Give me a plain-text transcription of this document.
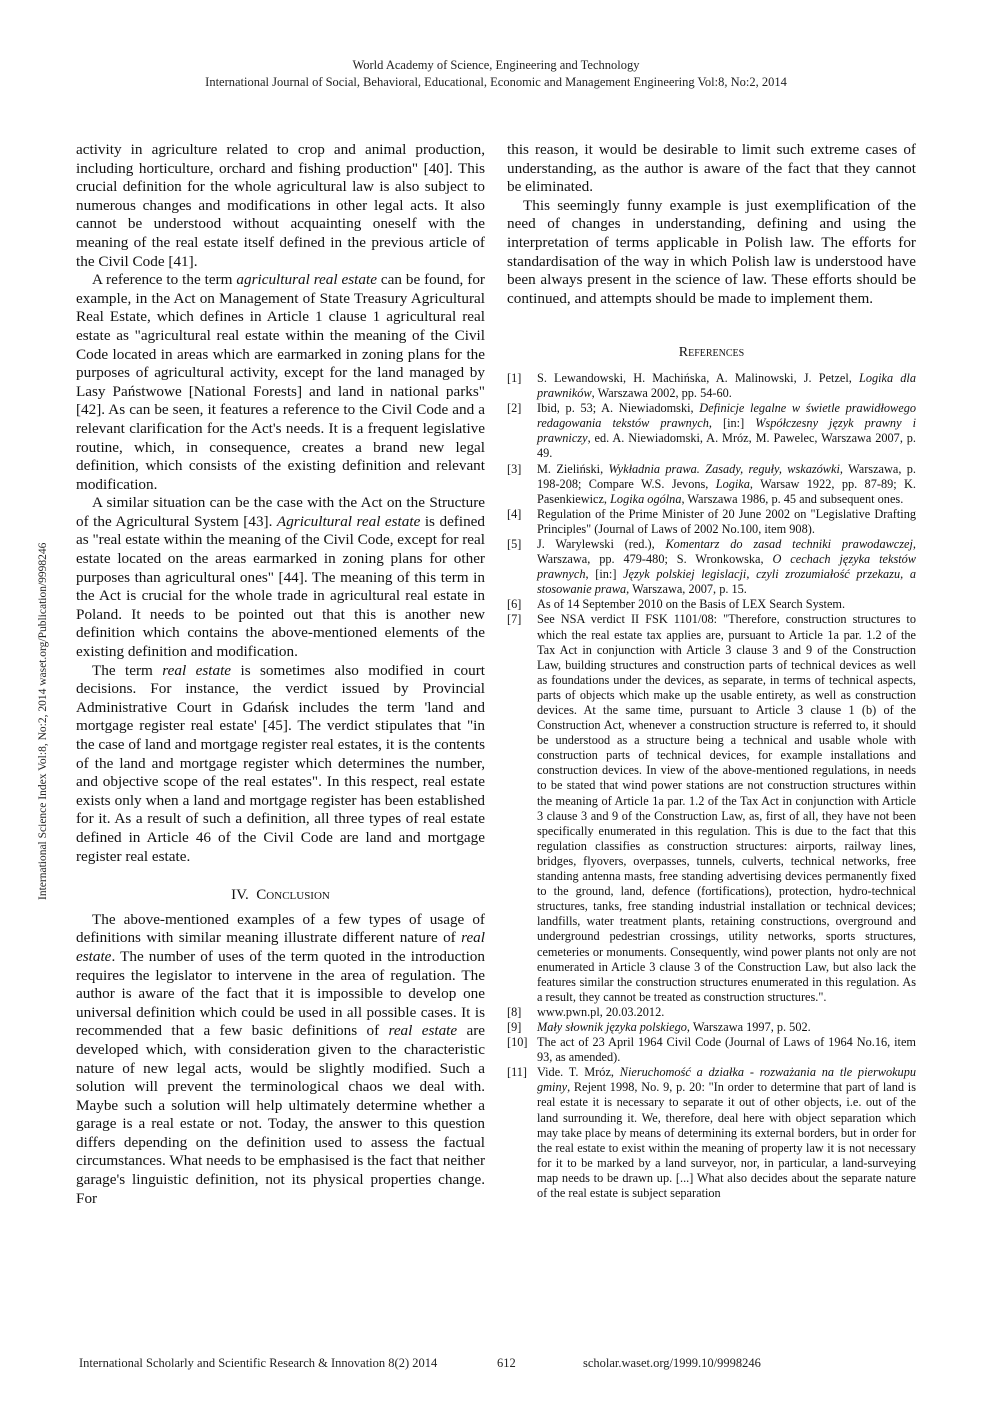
World Academy of Science, Engineering and Technology
International Journal of Social, Behavioral, Educational, Economic and Management Engineering Vol:8, No:2, 2014
International Science Index Vol:8, No:2, 2014 waset.org/Publication/9998246

activity in agriculture related to crop and animal production, including horticulture, orchard and fishing production" [40]. This crucial definition for the whole agricultural law is also subject to numerous changes and modifications in other legal acts. It also cannot be understood without acquainting oneself with the meaning of the real estate itself defined in the previous article of the Civil Code [41].

A reference to the term agricultural real estate can be found, for example, in the Act on Management of State Treasury Agricultural Real Estate, which defines in Article 1 clause 1 agricultural real estate as "agricultural real estate within the meaning of the Civil Code located in areas which are earmarked in zoning plans for the purposes of agricultural activity, except for the land managed by Lasy Państwowe [National Forests] and land in national parks" [42]. As can be seen, it features a reference to the Civil Code and a relevant clarification for the Act's needs. It is a frequent legislative routine, which, in consequence, creates a brand new legal definition, which consists of the existing definition and relevant modification.

A similar situation can be the case with the Act on the Structure of the Agricultural System [43]. Agricultural real estate is defined as "real estate within the meaning of the Civil Code, except for real estate located on the areas earmarked in zoning plans for other purposes than agricultural ones" [44]. The meaning of this term in the Act is crucial for the whole trade in agricultural real estate in Poland. It needs to be pointed out that this is another new definition which contains the above-mentioned elements of the existing definition and modification.

The term real estate is sometimes also modified in court decisions. For instance, the verdict issued by Provincial Administrative Court in Gdańsk includes the term 'land and mortgage register real estate' [45]. The verdict stipulates that "in the case of land and mortgage register real estates, it is the contents of the land and mortgage register which determines the number, and objective scope of the real estates". In this respect, real estate exists only when a land and mortgage register has been established for it. As a result of such a definition, all three types of real estate defined in Article 46 of the Civil Code are land and mortgage register real estate.

IV. Conclusion

The above-mentioned examples of a few types of usage of definitions with similar meaning illustrate different nature of real estate. The number of uses of the term quoted in the introduction requires the legislator to intervene in the area of regulation. The author is aware of the fact that it is impossible to develop one universal definition which could be used in all possible cases. It is recommended that a few basic definitions of real estate are developed which, with consideration given to the characteristic nature of new legal acts, would be slightly modified. Such a solution will prevent the terminological chaos we deal with. Maybe such a solution will help ultimately determine whether a garage is a real estate or not. Today, the answer to this question differs depending on the definition used to assess the factual circumstances. What needs to be emphasised is the fact that neither garage's linguistic definition, not its physical properties change. For

this reason, it would be desirable to limit such extreme cases of understanding, as the author is aware of the fact that they cannot be eliminated.

This seemingly funny example is just exemplification of the need of changes in understanding, defining and using the interpretation of terms applicable in Polish law. The efforts for standardisation of the way in which Polish law is understood have been always present in the science of law. These efforts should be continued, and attempts should be made to implement them.

References
[1]	S. Lewandowski, H. Machińska, A. Malinowski, J. Petzel, Logika dla prawników, Warszawa 2002, pp. 54-60.
[2]	Ibid, p. 53; A. Niewiadomski, Definicje legalne w świetle prawidłowego redagowania tekstów prawnych, [in:] Współczesny język prawny i prawniczy, ed. A. Niewiadomski, A. Mróz, M. Pawelec, Warszawa 2007, p. 49.
[3]	M. Zieliński, Wykładnia prawa. Zasady, reguły, wskazówki, Warszawa, p. 198-208; Compare W.S. Jevons, Logika, Warsaw 1922, pp. 87-89; K. Pasenkiewicz, Logika ogólna, Warszawa 1986, p. 45 and subsequent ones.
[4]	Regulation of the Prime Minister of 20 June 2002 on "Legislative Drafting Principles" (Journal of Laws of 2002 No.100, item 908).
[5]	J. Warylewski (red.), Komentarz do zasad techniki prawodawczej, Warszawa, pp. 479-480; S. Wronkowska, O cechach języka tekstów prawnych, [in:] Język polskiej legislacji, czyli zrozumiałość przekazu, a stosowanie prawa, Warszawa, 2007, p. 15.
[6]	As of 14 September 2010 on the Basis of LEX Search System.
[7]	See NSA verdict II FSK 1101/08: "Therefore, construction structures to which the real estate tax applies are, pursuant to Article 1a par. 1.2 of the Tax Act in conjunction with Article 3 clause 3 and 9 of the Construction Law, building structures and construction parts of technical devices as well as foundations under the devices, as separate, in terms of technical aspects, parts of objects which make up the usable entirety, as well as construction devices. At the same time, pursuant to Article 3 clause 1 (b) of the Construction Act, whenever a construction structure is referred to, it should be understood as a structure being a technical and usable whole with construction parts of technical devices, for example installations and construction devices. In view of the above-mentioned regulations, in needs to be stated that wind power stations are not construction structures within the meaning of Article 1a par. 1.2 of the Tax Act in conjunction with Article 3 clause 3 and 9 of the Construction Law, as, first of all, they have not been specifically enumerated in this regulation. This is due to the fact that this regulation classifies as construction structures: airports, railway lines, bridges, flyovers, overpasses, tunnels, culverts, technical networks, free standing antenna masts, free standing advertising devices permanently fixed to the ground, land, defence (fortifications), protection, hydro-technical structures, tanks, free standing industrial installation or technical devices; landfills, water treatment plants, retaining constructions, overground and underground pedestrian crossings, utility networks, sports structures, cemeteries or monuments. Consequently, wind power plants not only are not enumerated in Article 3 clause 3 of the Construction Law, but also lack the features similar the construction structures enumerated in this regulation. As a result, they cannot be treated as construction structures.".
[8]	www.pwn.pl, 20.03.2012.
[9]	Mały słownik języka polskiego, Warszawa 1997, p. 502.
[10] The act of 23 April 1964 Civil Code (Journal of Laws of 1964 No.16, item 93, as amended).
[11] Vide. T. Mróz, Nieruchomość a działka - rozważania na tle pierwokupu gminy, Rejent 1998, No. 9, p. 20: "In order to determine that part of land is real estate it is necessary to separate it out of other objects, i.e. out of the land surrounding it. We, therefore, deal here with object separation which may take place by means of determining its external borders, but in order for the real estate to exist within the meaning of property law it is not necessary for it to be marked by a land surveyor, nor, in particular, a land-surveying map needs to be drawn up. [...] What also decides about the separate nature of the real estate is subject separation
International Scholarly and Scientific Research & Innovation 8(2) 2014	612	scholar.waset.org/1999.10/9998246
